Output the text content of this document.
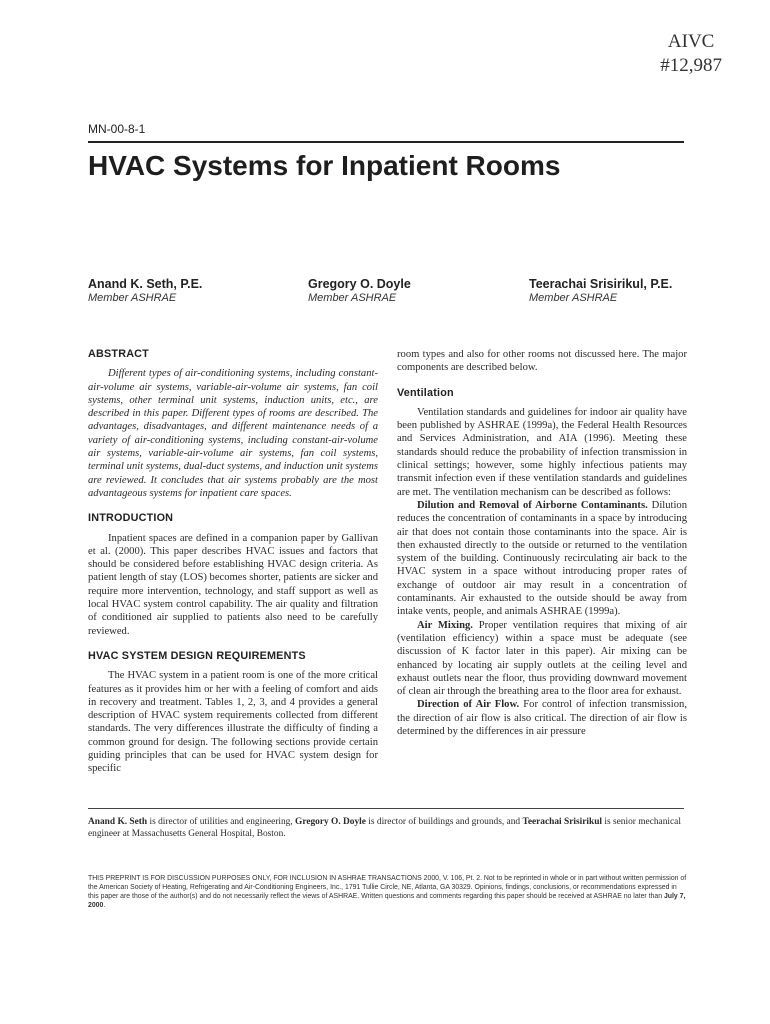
AIVC
#12,987
MN-00-8-1
HVAC Systems for Inpatient Rooms
Anand K. Seth, P.E.
Member ASHRAE
Gregory O. Doyle
Member ASHRAE
Teerachai Srisirikul, P.E.
Member ASHRAE
ABSTRACT

Different types of air-conditioning systems, including constant-air-volume air systems, variable-air-volume air systems, fan coil systems, other terminal unit systems, induction units, etc., are described in this paper. Different types of rooms are described. The advantages, disadvantages, and different maintenance needs of a variety of air-conditioning systems, including constant-air-volume air systems, variable-air-volume air systems, fan coil systems, terminal unit systems, dual-duct systems, and induction unit systems are reviewed. It concludes that air systems probably are the most advantageous systems for inpatient care spaces.

INTRODUCTION

Inpatient spaces are defined in a companion paper by Gallivan et al. (2000). This paper describes HVAC issues and factors that should be considered before establishing HVAC design criteria. As patient length of stay (LOS) becomes shorter, patients are sicker and require more intervention, technology, and staff support as well as local HVAC system control capability. The air quality and filtration of conditioned air supplied to patients also need to be carefully reviewed.

HVAC SYSTEM DESIGN REQUIREMENTS

The HVAC system in a patient room is one of the more critical features as it provides him or her with a feeling of comfort and aids in recovery and treatment. Tables 1, 2, 3, and 4 provides a general description of HVAC system requirements collected from different standards. The very differences illustrate the difficulty of finding a common ground for design. The following sections provide certain guiding principles that can be used for HVAC system design for specific

room types and also for other rooms not discussed here. The major components are described below.

Ventilation

Ventilation standards and guidelines for indoor air quality have been published by ASHRAE (1999a), the Federal Health Resources and Services Administration, and AIA (1996). Meeting these standards should reduce the probability of infection transmission in clinical settings; however, some highly infectious patients may transmit infection even if these ventilation standards and guidelines are met. The ventilation mechanism can be described as follows:

Dilution and Removal of Airborne Contaminants. Dilution reduces the concentration of contaminants in a space by introducing air that does not contain those contaminants into the space. Air is then exhausted directly to the outside or returned to the ventilation system of the building. Continuously recirculating air back to the HVAC system in a space without introducing proper rates of exchange of outdoor air may result in a concentration of contaminants. Air exhausted to the outside should be away from intake vents, people, and animals ASHRAE (1999a).

Air Mixing. Proper ventilation requires that mixing of air (ventilation efficiency) within a space must be adequate (see discussion of K factor later in this paper). Air mixing can be enhanced by locating air supply outlets at the ceiling level and exhaust outlets near the floor, thus providing downward movement of clean air through the breathing area to the floor area for exhaust.

Direction of Air Flow. For control of infection transmission, the direction of air flow is also critical. The direction of air flow is determined by the differences in air pressure

Anand K. Seth is director of utilities and engineering, Gregory O. Doyle is director of buildings and grounds, and Teerachai Srisirikul is senior mechanical engineer at Massachusetts General Hospital, Boston.
THIS PREPRINT IS FOR DISCUSSION PURPOSES ONLY, FOR INCLUSION IN ASHRAE TRANSACTIONS 2000, V. 106, Pt. 2. Not to be reprinted in whole or in part without written permission of the American Society of Heating, Refrigerating and Air-Conditioning Engineers, Inc., 1791 Tullie Circle, NE, Atlanta, GA 30329. Opinions, findings, conclusions, or recommendations expressed in this paper are those of the author(s) and do not necessarily reflect the views of ASHRAE. Written questions and comments regarding this paper should be received at ASHRAE no later than July 7, 2000.
